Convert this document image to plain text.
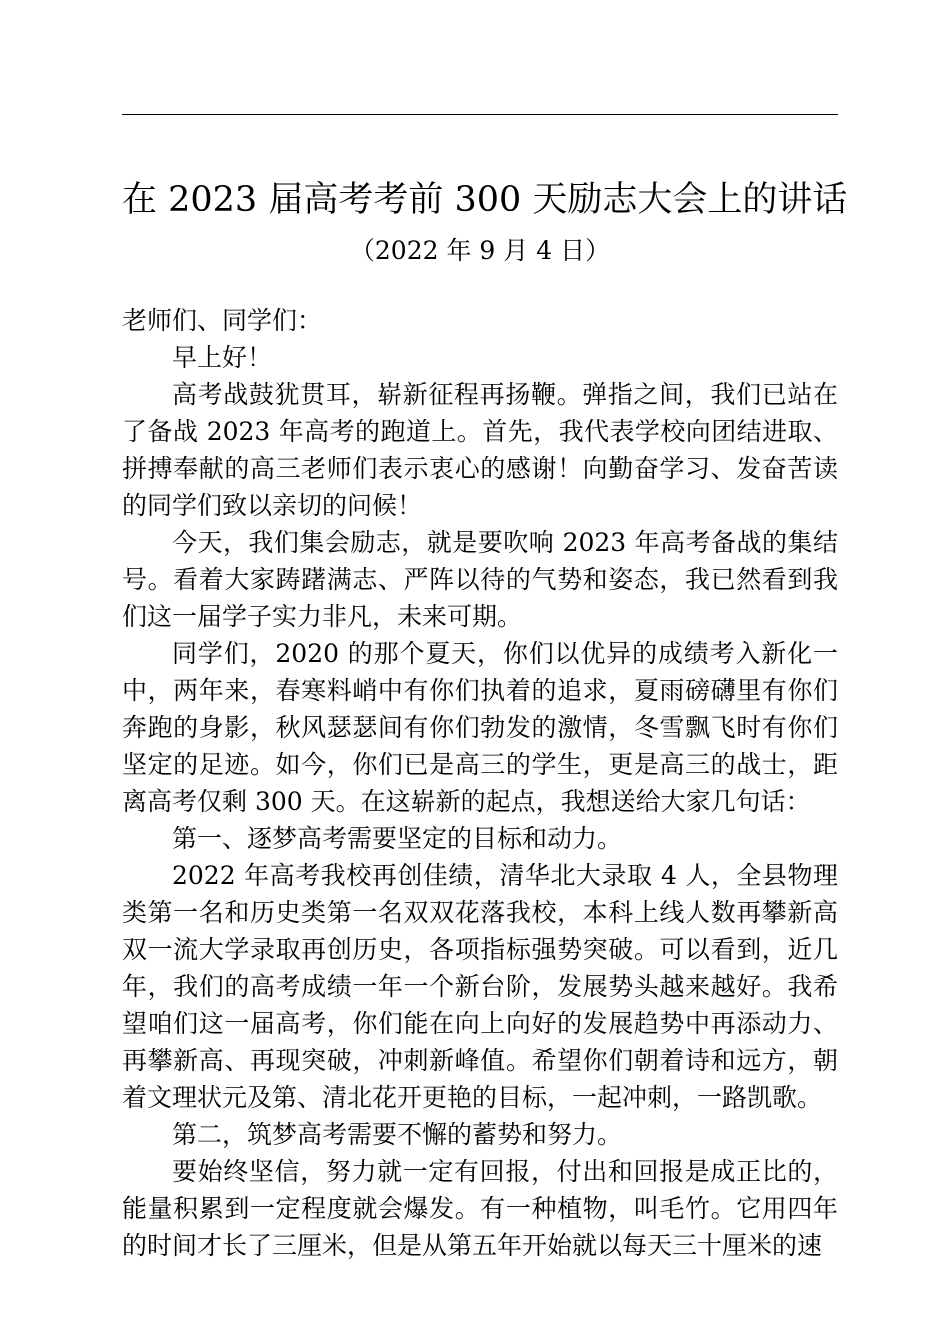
在 2023 届高考考前 300 天励志大会上的讲话
（2022 年 9 月 4 日）

老师们、同学们：

早上好！

高考战鼓犹贯耳，崭新征程再扬鞭。弹指之间，我们已站在了备战 2023 年高考的跑道上。首先，我代表学校向团结进取、拼搏奉献的高三老师们表示衷心的感谢！向勤奋学习、发奋苦读的同学们致以亲切的问候！

今天，我们集会励志，就是要吹响 2023 年高考备战的集结号。看着大家踌躇满志、严阵以待的气势和姿态，我已然看到我们这一届学子实力非凡，未来可期。

同学们，2020 的那个夏天，你们以优异的成绩考入新化一中，两年来，春寒料峭中有你们执着的追求，夏雨磅礴里有你们奔跑的身影，秋风瑟瑟间有你们勃发的激情，冬雪飘飞时有你们坚定的足迹。如今，你们已是高三的学生，更是高三的战士，距离高考仅剩 300 天。在这崭新的起点，我想送给大家几句话：

第一、逐梦高考需要坚定的目标和动力。

2022 年高考我校再创佳绩，清华北大录取 4 人，全县物理类第一名和历史类第一名双双花落我校，本科上线人数再攀新高双一流大学录取再创历史，各项指标强势突破。可以看到，近几年，我们的高考成绩一年一个新台阶，发展势头越来越好。我希望咱们这一届高考，你们能在向上向好的发展趋势中再添动力、再攀新高、再现突破，冲刺新峰值。希望你们朝着诗和远方，朝着文理状元及第、清北花开更艳的目标，一起冲刺，一路凯歌。

第二，筑梦高考需要不懈的蓄势和努力。

要始终坚信，努力就一定有回报，付出和回报是成正比的，能量积累到一定程度就会爆发。有一种植物，叫毛竹。它用四年的时间才长了三厘米，但是从第五年开始就以每天三十厘米的速
